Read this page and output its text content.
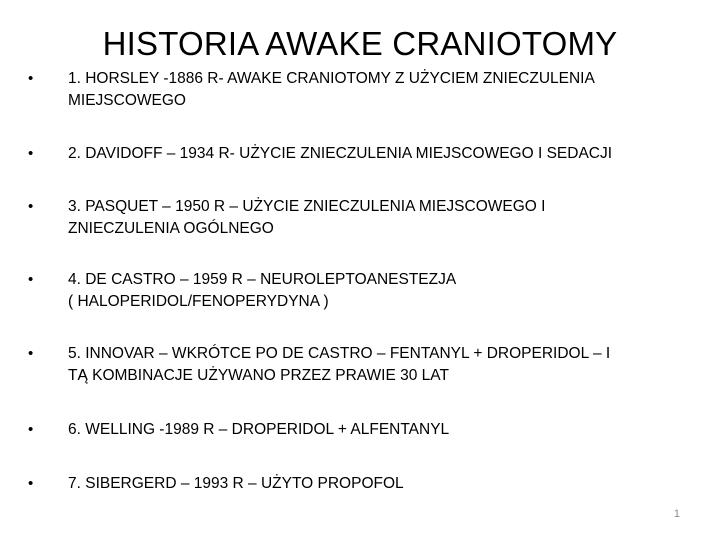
HISTORIA AWAKE CRANIOTOMY
•	1. HORSLEY -1886 R- AWAKE CRANIOTOMY Z UŻYCIEM ZNIECZULENIA
MIEJSCOWEGO
•	2. DAVIDOFF – 1934 R- UŻYCIE ZNIECZULENIA MIEJSCOWEGO I SEDACJI
•	3. PASQUET – 1950 R – UŻYCIE ZNIECZULENIA MIEJSCOWEGO I
ZNIECZULENIA OGÓLNEGO
•	4. DE CASTRO – 1959 R – NEUROLEPTOANESTEZJA
( HALOPERIDOL/FENOPERYDYNA )
•	5. INNOVAR – WKRÓTCE PO DE CASTRO – FENTANYL + DROPERIDOL – I
TĄ KOMBINACJE UŻYWANO PRZEZ PRAWIE 30 LAT
•	6. WELLING -1989 R – DROPERIDOL + ALFENTANYL
•	7. SIBERGERD – 1993 R – UŻYTO PROPOFOL
1
